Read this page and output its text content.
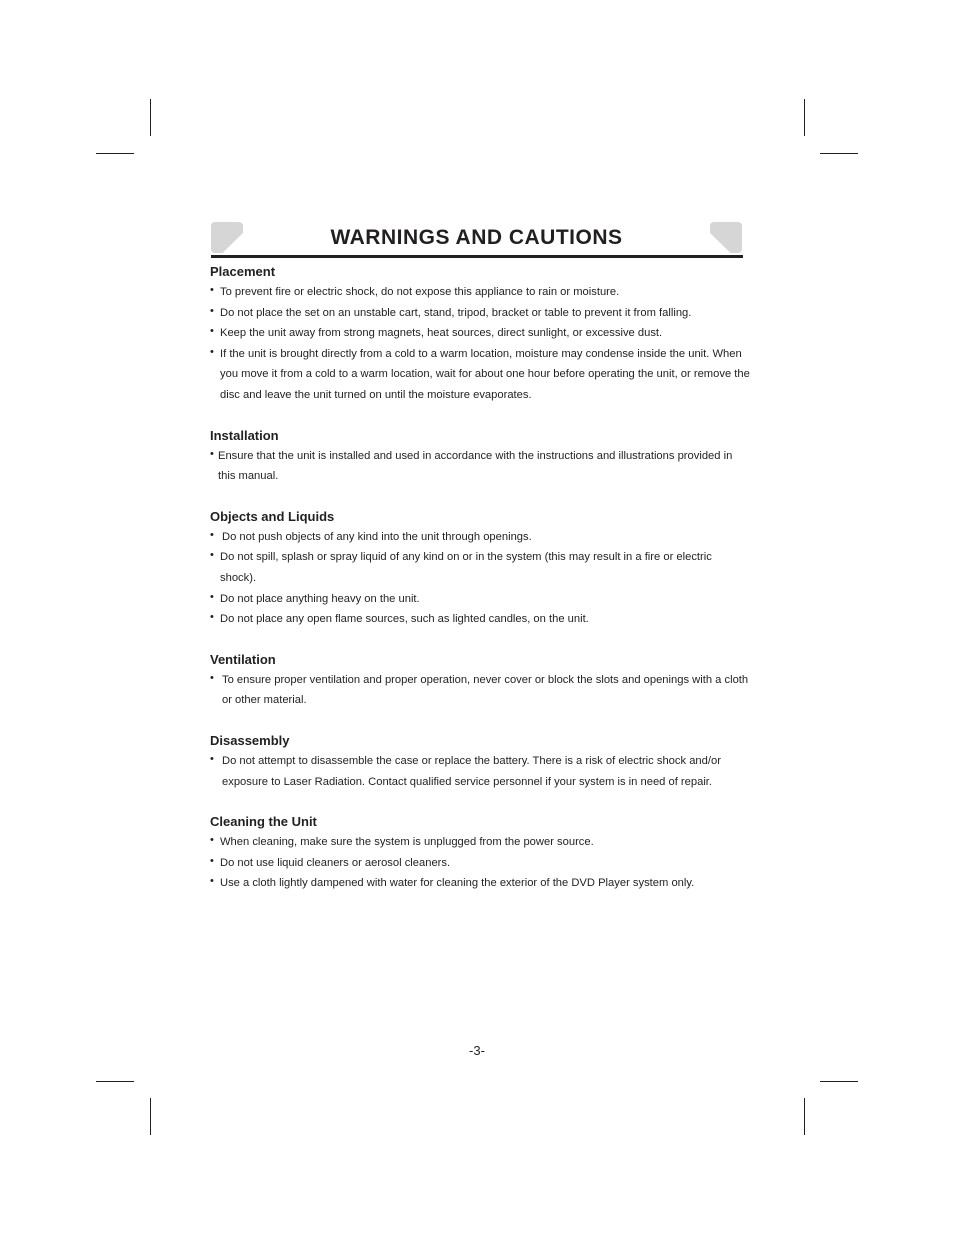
WARNINGS AND CAUTIONS
Placement
• To prevent fire or electric shock, do not expose this appliance to rain or moisture.
• Do not place the set on an unstable cart, stand, tripod, bracket or table to prevent it from falling.
• Keep the unit away from strong magnets, heat sources, direct sunlight, or excessive dust.
• If the unit is brought directly from a cold to a warm location, moisture may condense inside the unit. When you move it from a cold to a warm location, wait for about one hour before operating the unit, or remove the disc and leave the unit turned on until the moisture evaporates.
Installation
• Ensure that the unit is installed and used in accordance with the instructions and illustrations provided in this manual.
Objects and Liquids
• Do not push objects of any kind into the unit through openings.
• Do not spill, splash or spray liquid of any kind on or in the system (this may result in a fire or electric shock).
• Do not place anything heavy on the unit.
• Do not place any open flame sources, such as lighted candles, on the unit.
Ventilation
• To ensure proper ventilation and proper operation, never cover or block the slots and openings with a cloth or other material.
Disassembly
• Do not attempt to disassemble the case or replace the battery. There is a risk of electric shock and/or exposure to Laser Radiation. Contact qualified service personnel if your system is in need of repair.
Cleaning the Unit
• When cleaning, make sure the system is unplugged from the power source.
• Do not use liquid cleaners or aerosol cleaners.
• Use a cloth lightly dampened with water for cleaning the exterior of the DVD Player system only.
-3-
